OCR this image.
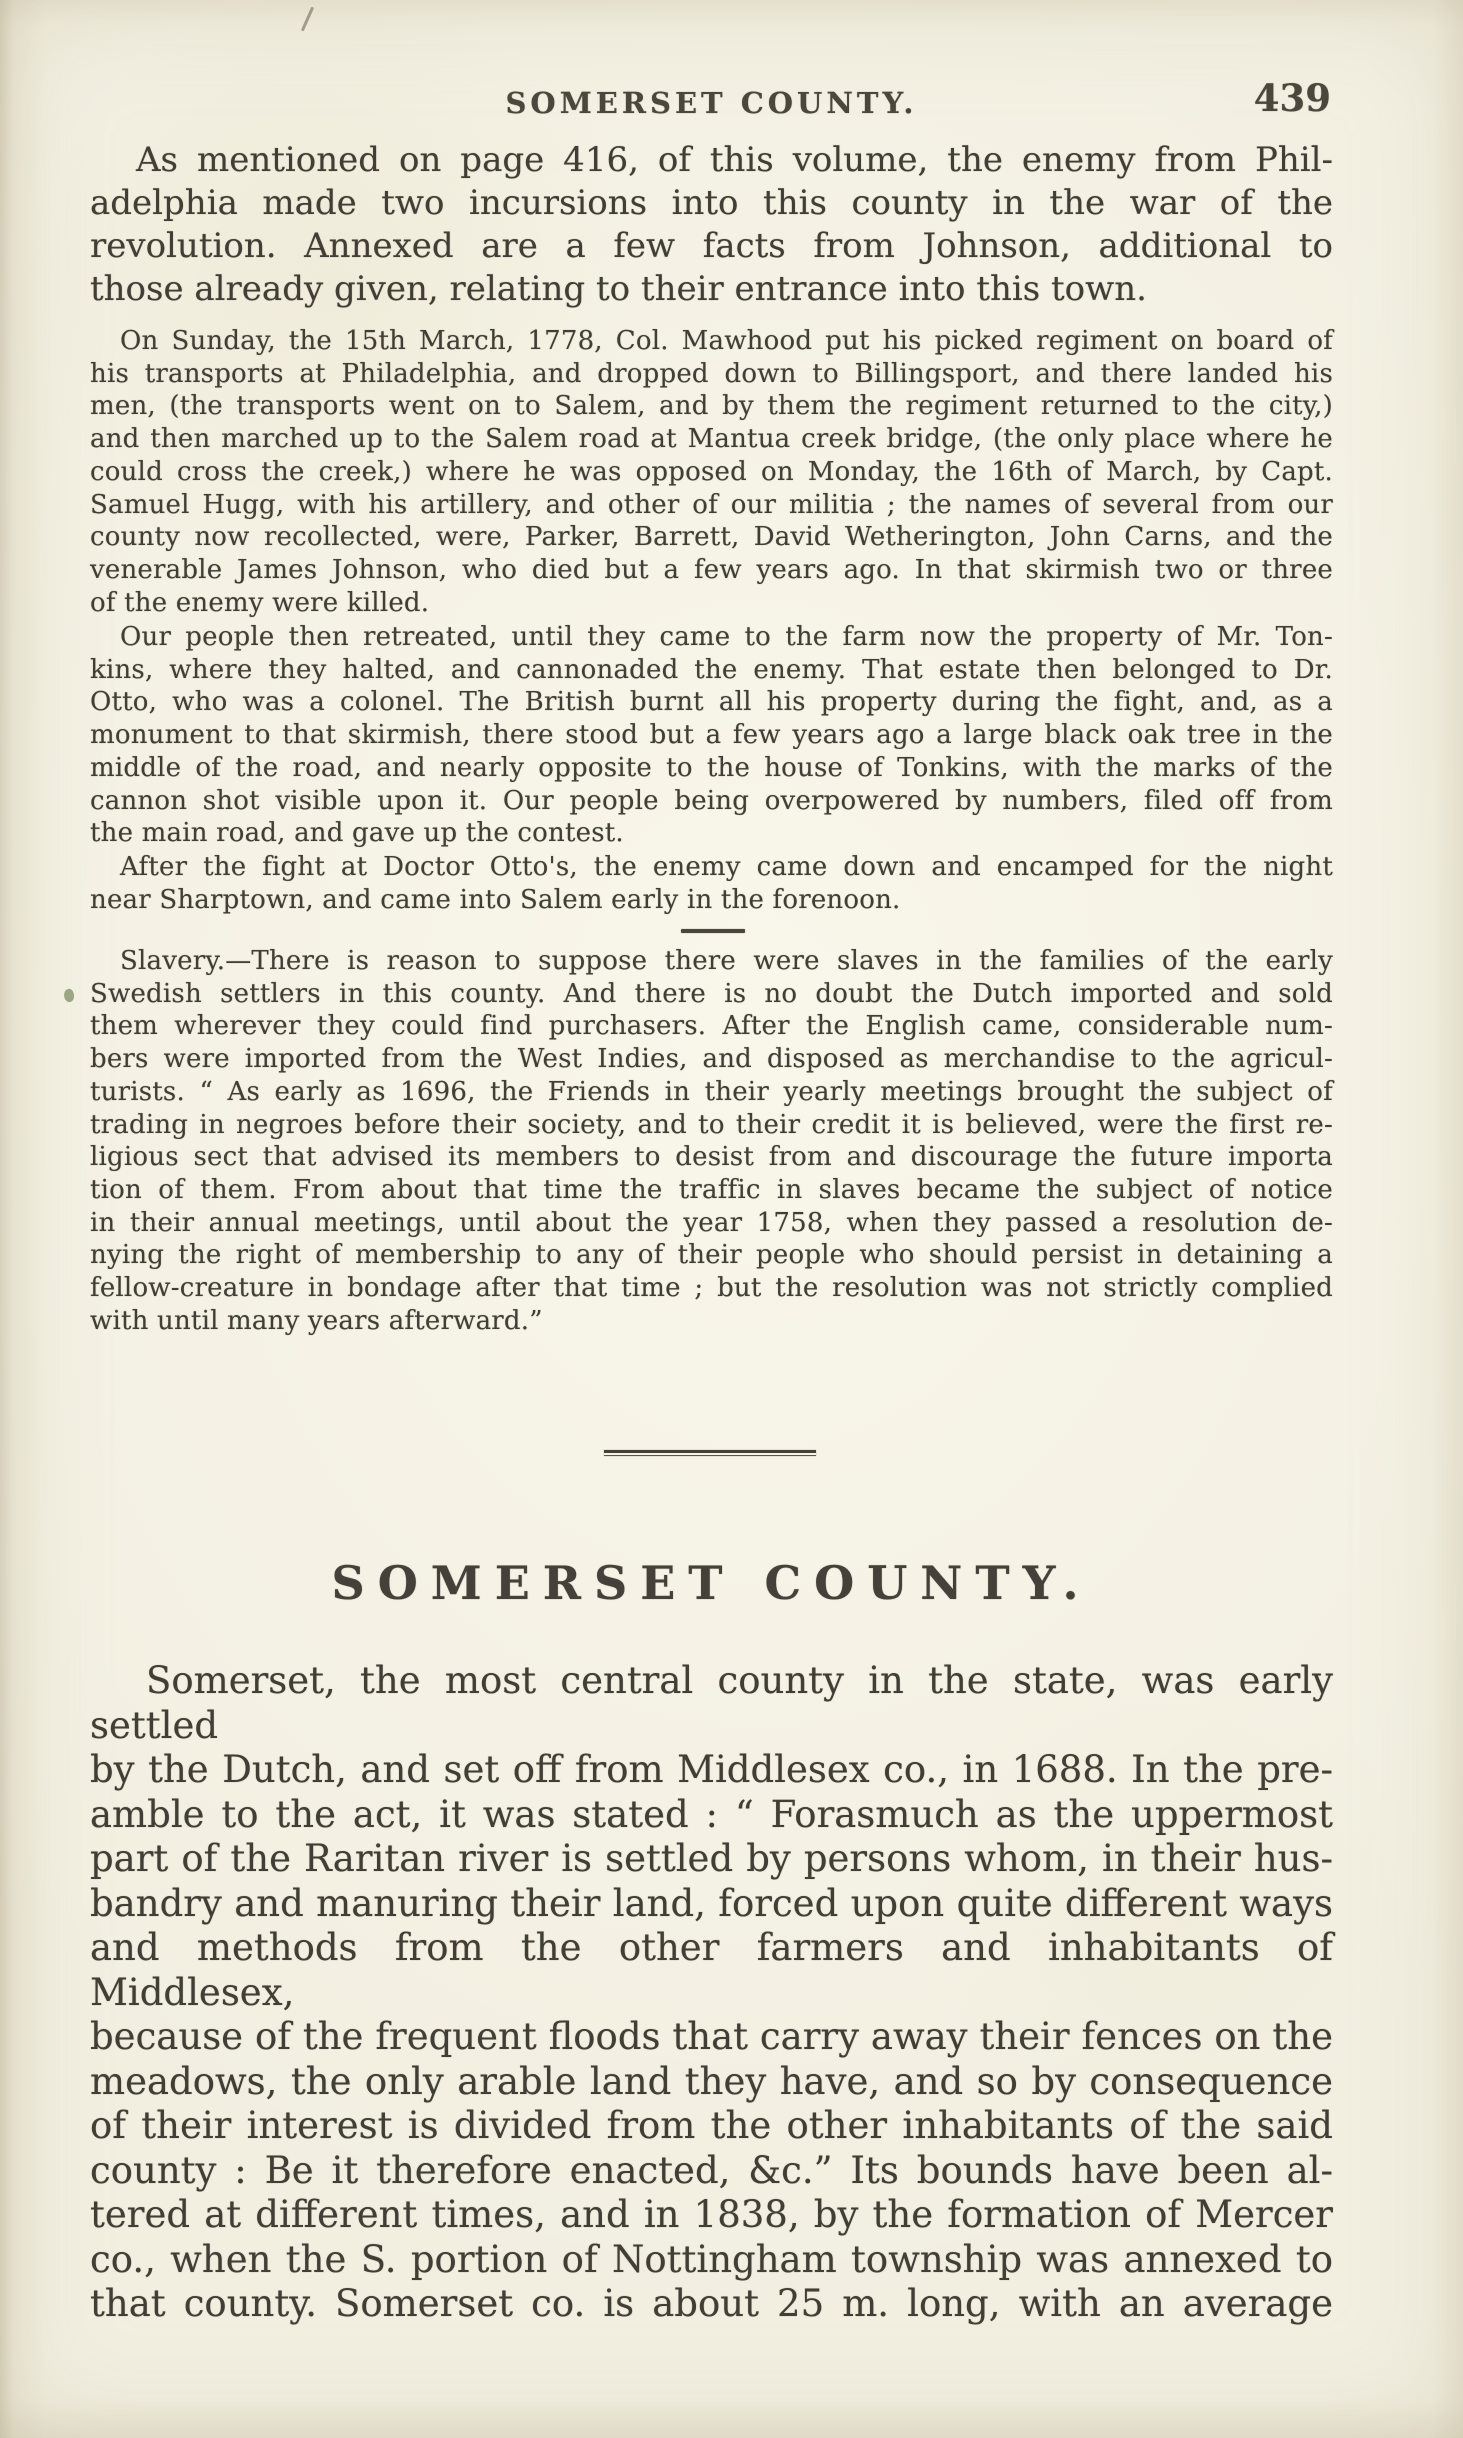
SOMERSET COUNTY.	439
As mentioned on page 416, of this volume, the enemy from Phil-
adelphia made two incursions into this county in the war of the
revolution. Annexed are a few facts from Johnson, additional to
those already given, relating to their entrance into this town.
On Sunday, the 15th March, 1778, Col. Mawhood put his picked regiment on board of
his transports at Philadelphia, and dropped down to Billingsport, and there landed his
men, (the transports went on to Salem, and by them the regiment returned to the city,)
and then marched up to the Salem road at Mantua creek bridge, (the only place where he
could cross the creek,) where he was opposed on Monday, the 16th of March, by Capt.
Samuel Hugg, with his artillery, and other of our militia ; the names of several from our
county now recollected, were, Parker, Barrett, David Wetherington, John Carns, and the
venerable James Johnson, who died but a few years ago. In that skirmish two or three
of the enemy were killed.
Our people then retreated, until they came to the farm now the property of Mr. Ton-
kins, where they halted, and cannonaded the enemy. That estate then belonged to Dr.
Otto, who was a colonel. The British burnt all his property during the fight, and, as a
monument to that skirmish, there stood but a few years ago a large black oak tree in the
middle of the road, and nearly opposite to the house of Tonkins, with the marks of the
cannon shot visible upon it. Our people being overpowered by numbers, filed off from
the main road, and gave up the contest.
After the fight at Doctor Otto's, the enemy came down and encamped for the night
near Sharptown, and came into Salem early in the forenoon.
Slavery.—There is reason to suppose there were slaves in the families of the early
Swedish settlers in this county. And there is no doubt the Dutch imported and sold
them wherever they could find purchasers. After the English came, considerable num-
bers were imported from the West Indies, and disposed as merchandise to the agricul-
turists. “ As early as 1696, the Friends in their yearly meetings brought the subject of
trading in negroes before their society, and to their credit it is believed, were the first re-
ligious sect that advised its members to desist from and discourage the future importa
tion of them. From about that time the traffic in slaves became the subject of notice
in their annual meetings, until about the year 1758, when they passed a resolution de-
nying the right of membership to any of their people who should persist in detaining a
fellow-creature in bondage after that time ; but the resolution was not strictly complied
with until many years afterward.”
SOMERSET COUNTY.
Somerset, the most central county in the state, was early settled
by the Dutch, and set off from Middlesex co., in 1688. In the pre-
amble to the act, it was stated : “ Forasmuch as the uppermost
part of the Raritan river is settled by persons whom, in their hus-
bandry and manuring their land, forced upon quite different ways
and methods from the other farmers and inhabitants of Middlesex,
because of the frequent floods that carry away their fences on the
meadows, the only arable land they have, and so by consequence
of their interest is divided from the other inhabitants of the said
county : Be it therefore enacted, &c.” Its bounds have been al-
tered at different times, and in 1838, by the formation of Mercer
co., when the S. portion of Nottingham township was annexed to
that county. Somerset co. is about 25 m. long, with an average
